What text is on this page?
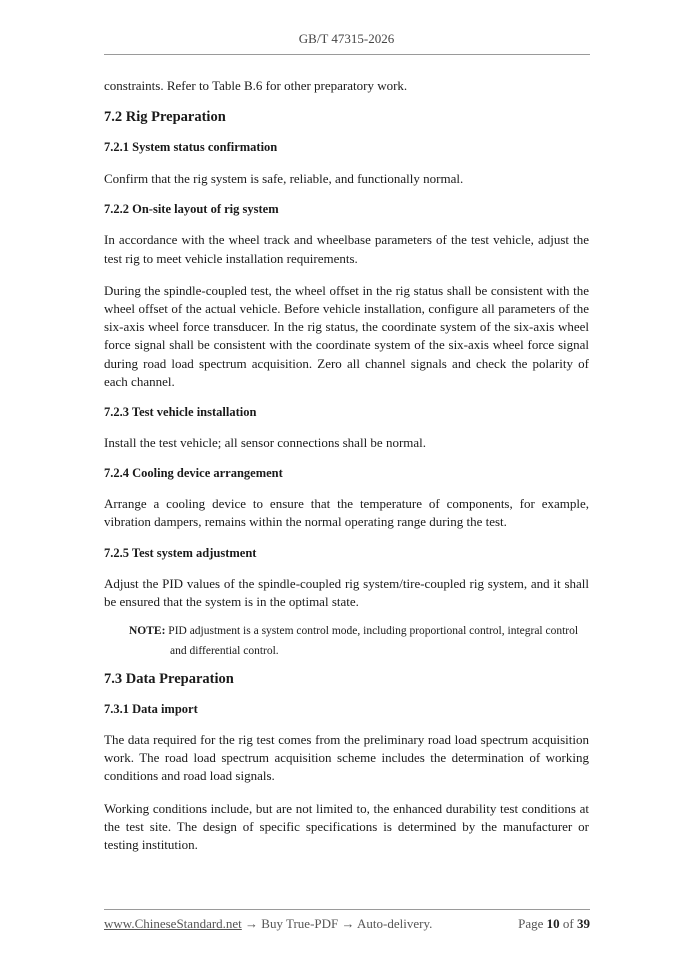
GB/T 47315-2026

constraints. Refer to Table B.6 for other preparatory work.

7.2 Rig Preparation
7.2.1 System status confirmation

Confirm that the rig system is safe, reliable, and functionally normal.

7.2.2 On-site layout of rig system

In accordance with the wheel track and wheelbase parameters of the test vehicle, adjust the test rig to meet vehicle installation requirements.

During the spindle-coupled test, the wheel offset in the rig status shall be consistent with the wheel offset of the actual vehicle. Before vehicle installation, configure all parameters of the six-axis wheel force transducer. In the rig status, the coordinate system of the six-axis wheel force signal shall be consistent with the coordinate system of the six-axis wheel force signal during road load spectrum acquisition. Zero all channel signals and check the polarity of each channel.

7.2.3 Test vehicle installation

Install the test vehicle; all sensor connections shall be normal.

7.2.4 Cooling device arrangement

Arrange a cooling device to ensure that the temperature of components, for example, vibration dampers, remains within the normal operating range during the test.

7.2.5 Test system adjustment

Adjust the PID values of the spindle-coupled rig system/tire-coupled rig system, and it shall be ensured that the system is in the optimal state.

NOTE: PID adjustment is a system control mode, including proportional control, integral control
and differential control.
7.3 Data Preparation
7.3.1 Data import

The data required for the rig test comes from the preliminary road load spectrum acquisition work. The road load spectrum acquisition scheme includes the determination of working conditions and road load signals.

Working conditions include, but are not limited to, the enhanced durability test conditions at the test site. The design of specific specifications is determined by the manufacturer or testing institution.

www.ChineseStandard.net → Buy True-PDF → Auto-delivery.	Page 10 of 39
